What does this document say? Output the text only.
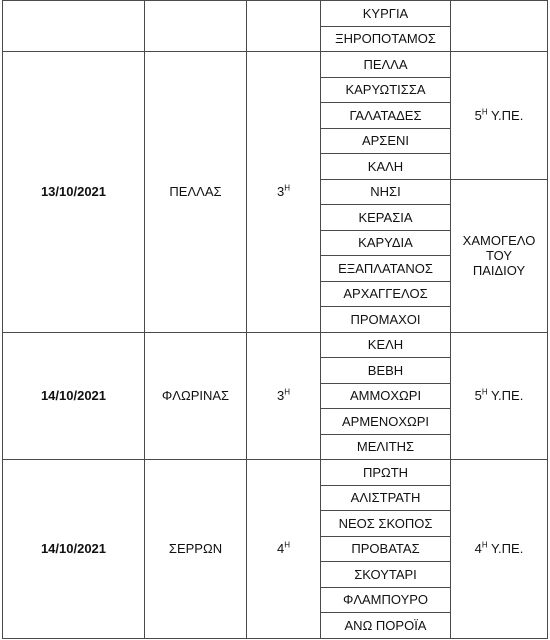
			ΚΥΡΓΙΑ	
			ΞΗΡΟΠΟΤΑΜΟΣ	
13/10/2021	ΠΕΛΛΑΣ	$3^H$	ΠΕΛΛΑ	$5^H$ Υ.ΠΕ.
			ΚΑΡΥΩΤΙΣΣΑ	
			ΓΑΛΑΤΑΔΕΣ	
			ΑΡΣΕΝΙ	
			ΚΑΛΗ	
			ΝΗΣΙ	ΧΑΜΟΓΕΛΟ
ΤΟΥ
ΠΑΙΔΙΟΥ
			ΚΕΡΑΣΙΑ	
			ΚΑΡΥΔΙΑ	
			ΕΞΑΠΛΑΤΑΝΟΣ	
			ΑΡΧΑΓΓΕΛΟΣ	
			ΠΡΟΜΑΧΟΙ	
14/10/2021	ΦΛΩΡΙΝΑΣ	$3^H$	ΚΕΛΗ	$5^H$ Υ.ΠΕ.
			ΒΕΒΗ	
			ΑΜΜΟΧΩΡΙ	
			ΑΡΜΕΝΟΧΩΡΙ	
			ΜΕΛΙΤΗΣ	
14/10/2021	ΣΕΡΡΩΝ	$4^H$	ΠΡΩΤΗ	$4^H$ Υ.ΠΕ.
			ΑΛΙΣΤΡΑΤΗ	
			ΝΕΟΣ ΣΚΟΠΟΣ	
			ΠΡΟΒΑΤΑΣ	
			ΣΚΟΥΤΑΡΙ	
			ΦΛΑΜΠΟΥΡΟ	
			ΑΝΩ ΠΟΡΟΪΑ	
